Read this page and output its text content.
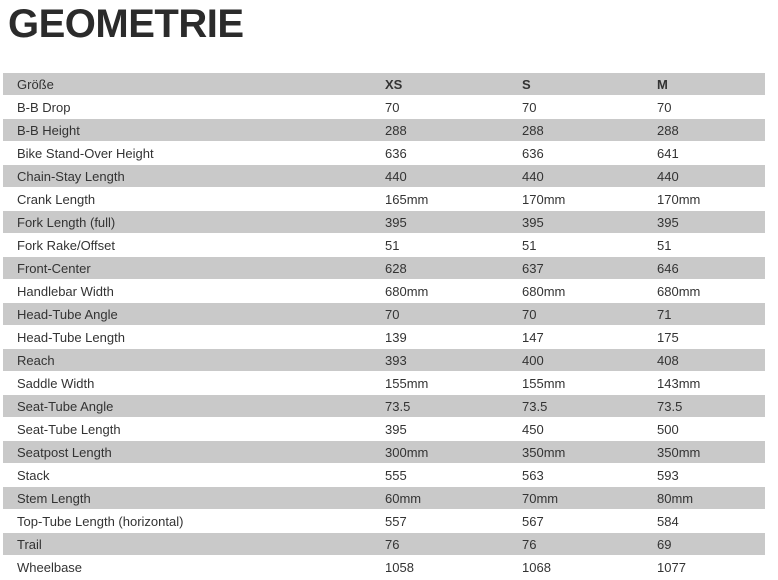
GEOMETRIE
Größe	XS	S	M
B-B Drop	70	70	70
B-B Height	288	288	288
Bike Stand-Over Height	636	636	641
Chain-Stay Length	440	440	440
Crank Length	165mm	170mm	170mm
Fork Length (full)	395	395	395
Fork Rake/Offset	51	51	51
Front-Center	628	637	646
Handlebar Width	680mm	680mm	680mm
Head-Tube Angle	70	70	71
Head-Tube Length	139	147	175
Reach	393	400	408
Saddle Width	155mm	155mm	143mm
Seat-Tube Angle	73.5	73.5	73.5
Seat-Tube Length	395	450	500
Seatpost Length	300mm	350mm	350mm
Stack	555	563	593
Stem Length	60mm	70mm	80mm
Top-Tube Length (horizontal)	557	567	584
Trail	76	76	69
Wheelbase	1058	1068	1077
